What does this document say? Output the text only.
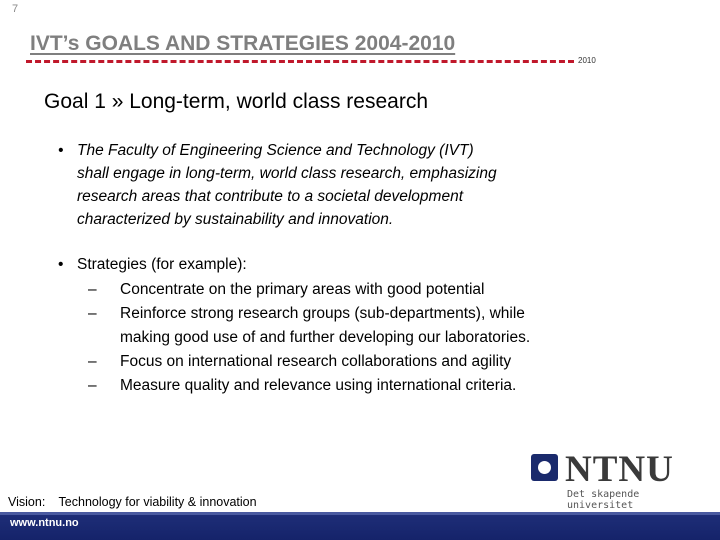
7
IVT’s GOALS AND STRATEGIES 2004-2010
2010
Goal 1 » Long-term, world class research
• The Faculty of Engineering Science and Technology (IVT)
shall engage in long-term, world class research, emphasizing
research areas that contribute to a societal development
characterized by sustainability and innovation.
• Strategies (for example):
– Concentrate on the primary areas with good potential
– Reinforce strong research groups (sub-departments), while
making good use of and further developing our laboratories.
– Focus on international research collaborations and agility
– Measure quality and relevance using international criteria.
NTNU
Det skapende universitet
Vision: Technology for viability & innovation
www.ntnu.no
